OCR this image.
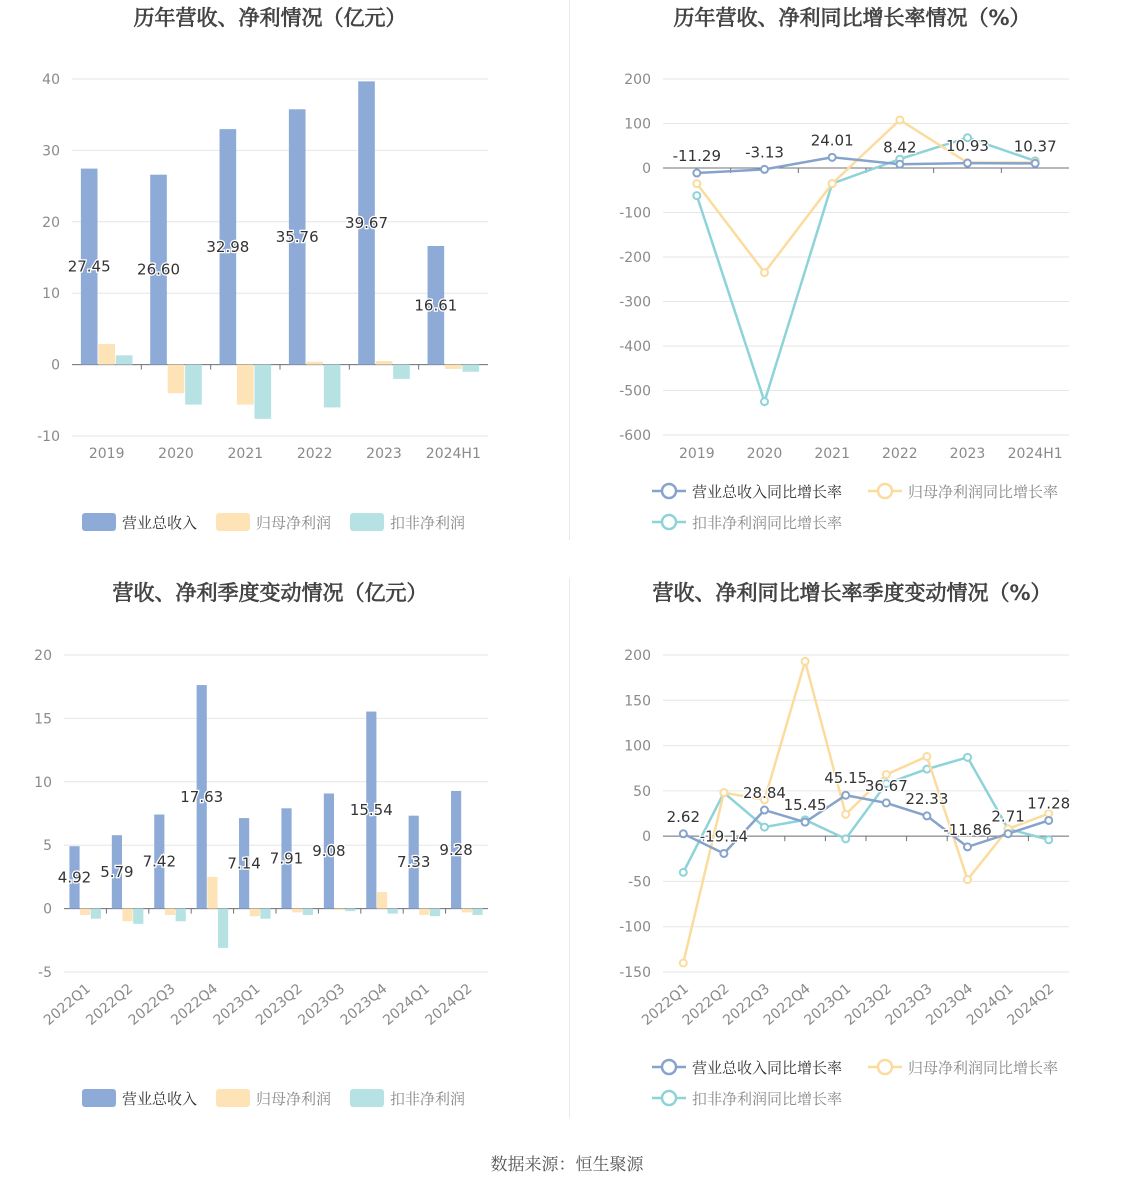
历年营收、净利情况（亿元）
-10
0
10
20
30
40
2019 2020 2021 2022 2023 2024H1
27.45 26.60
32.98
35.76
39.67
16.61
营业总收入	归母净利润	扣非净利润
历年营收、净利同比增长率情况（%）
-600
-500
-400
-300
-200
-100
0
100
200
2019 2020 2021 2022 2023 2024H1
-11.29 -3.13
24.01 8.42 10.93 10.37
营业总收入同比增长率	归母净利润同比增长率
扣非净利润同比增长率
营收、净利季度变动情况（亿元）
-5
0
5
10
15
20
2022Q1
2022Q2
2022Q3
2022Q4
2023Q1
2023Q2
2023Q3
2023Q4
2024Q1
2024Q2
4.92 5.79
7.42
17.63
7.14 7.91 9.08
15.54
7.33
9.28
营业总收入	归母净利润	扣非净利润
营收、净利同比增长率季度变动情况（%）
-150
-100
-50
0
50
100
150
200
2022Q1
2022Q2
2022Q3
2022Q4
2023Q1
2023Q2
2023Q3
2023Q4
2024Q1
2024Q2
2.62
-19.14
28.84
15.45
45.15
36.67
22.33
-11.86
2.71
17.28
营业总收入同比增长率	归母净利润同比增长率
扣非净利润同比增长率
数据来源：恒生聚源
